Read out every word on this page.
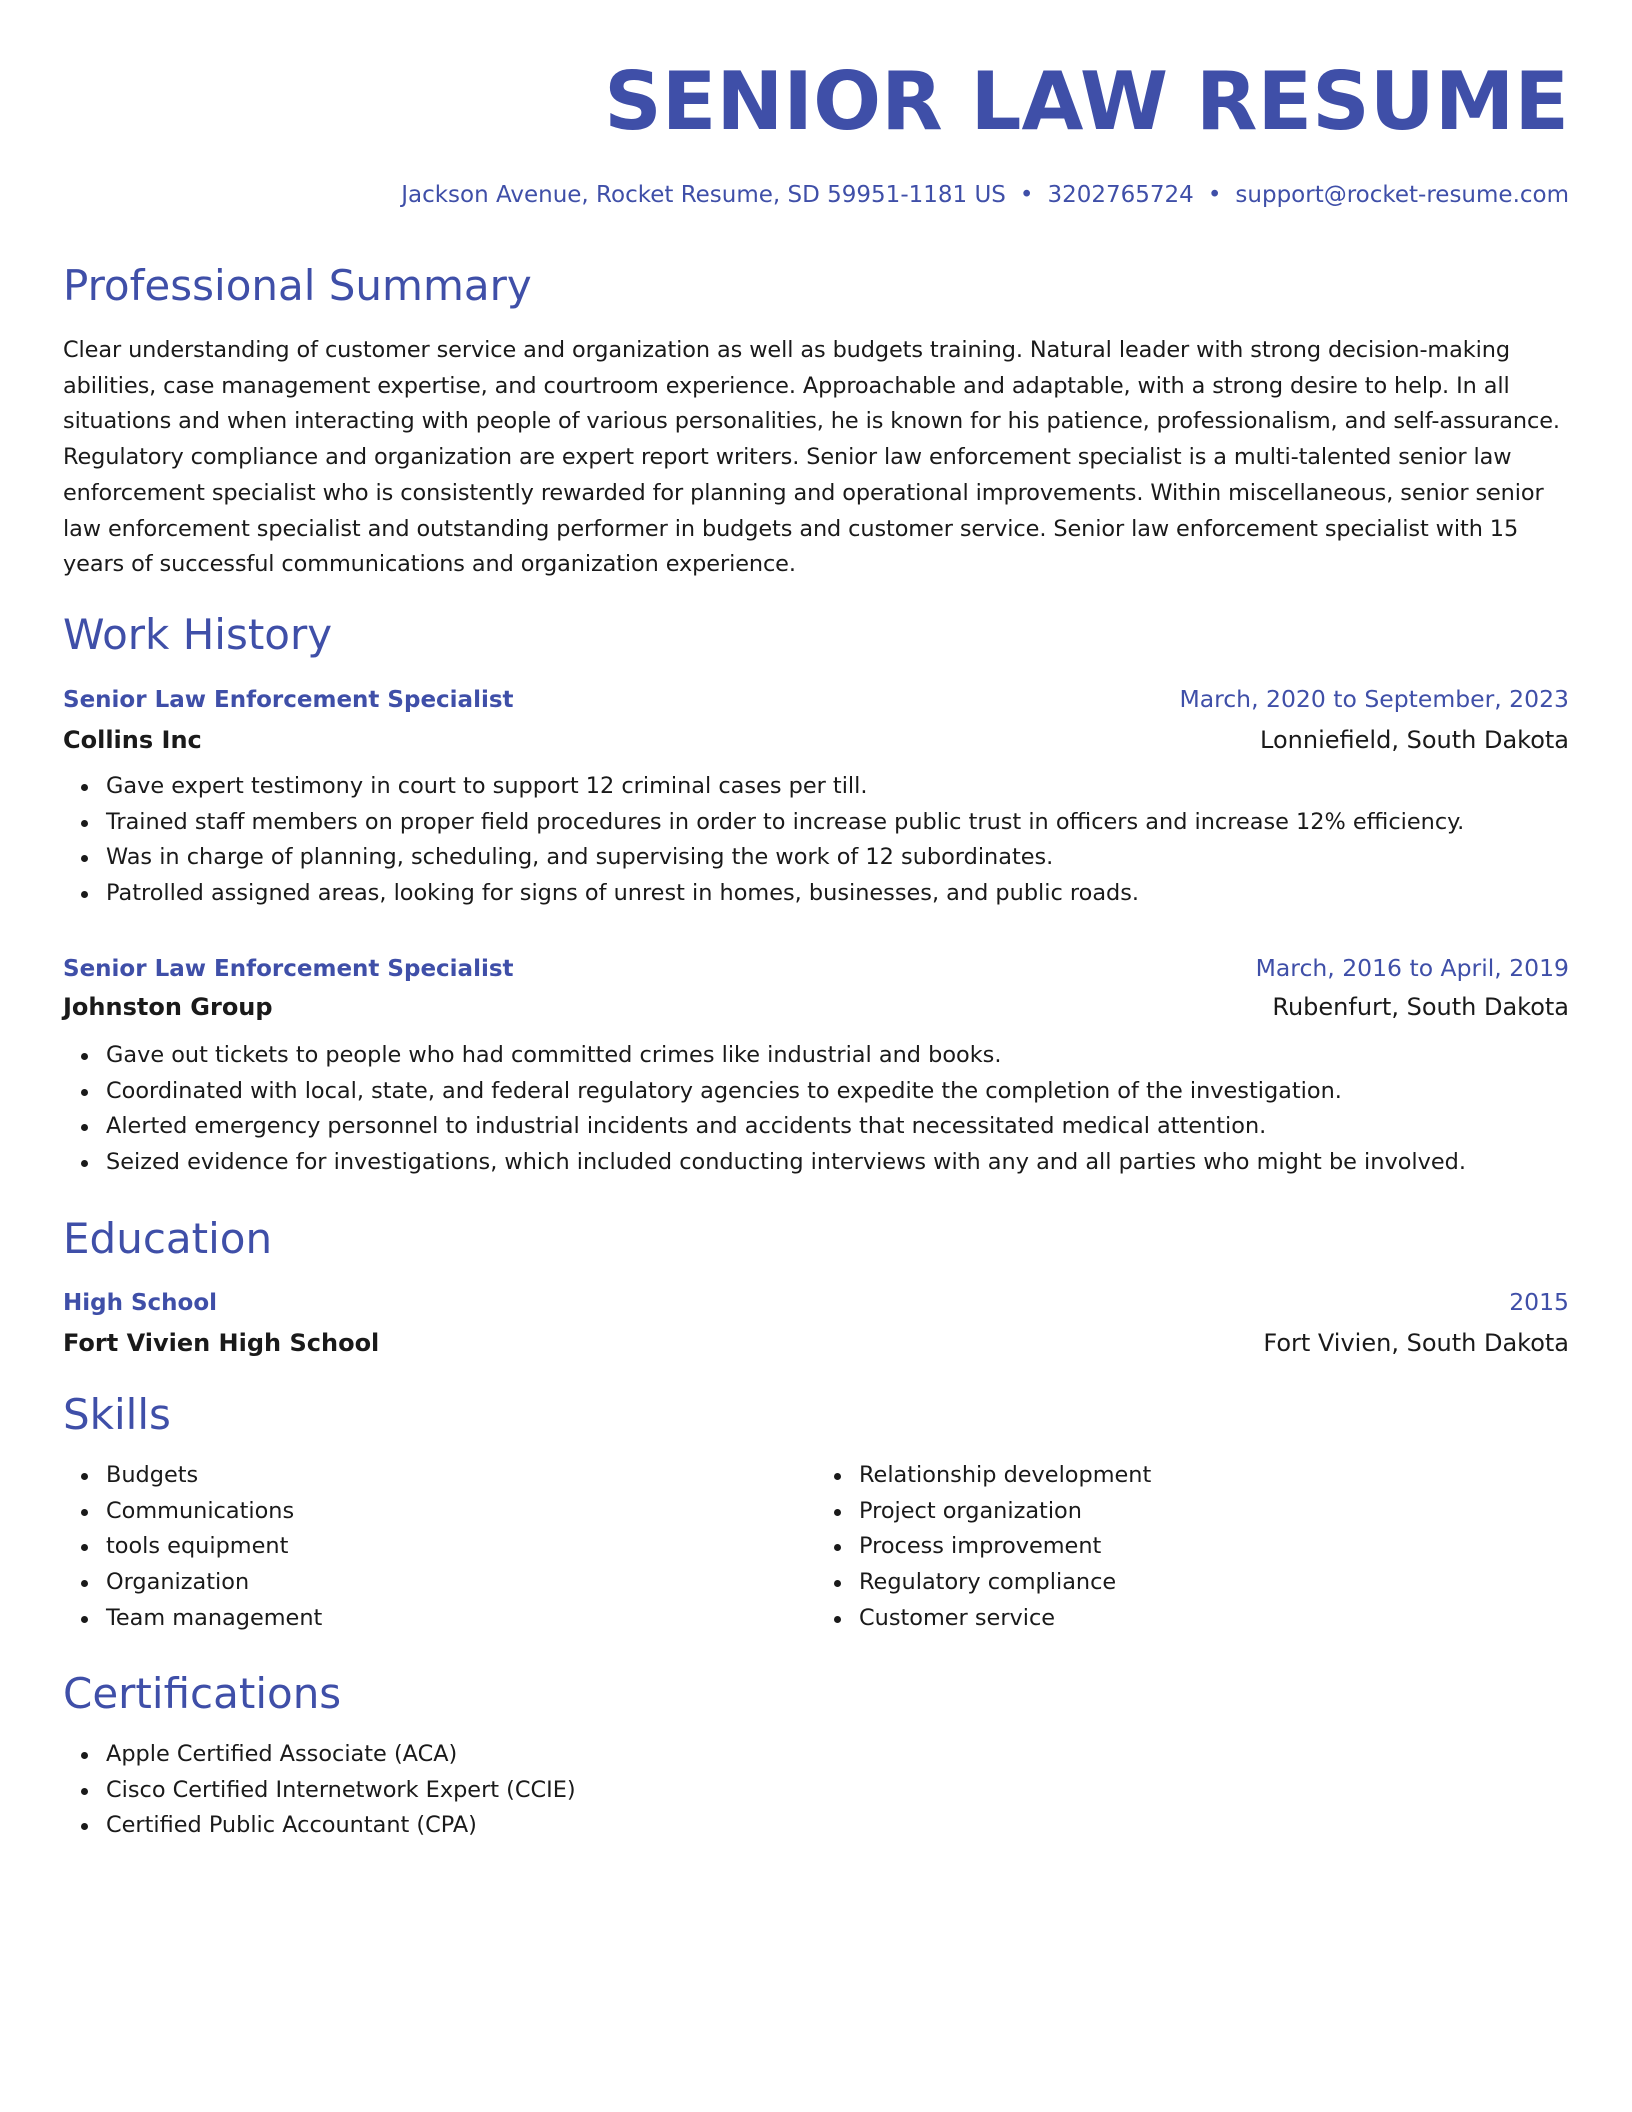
SENIOR LAW RESUME
Jackson Avenue, Rocket Resume, SD 59951-1181 US • 3202765724 • support@rocket-resume.com
Professional Summary

Clear understanding of customer service and organization as well as budgets training. Natural leader with strong decision-making abilities, case management expertise, and courtroom experience. Approachable and adaptable, with a strong desire to help. In all situations and when interacting with people of various personalities, he is known for his patience, professionalism, and self-assurance. Regulatory compliance and organization are expert report writers. Senior law enforcement specialist is a multi-talented senior law enforcement specialist who is consistently rewarded for planning and operational improvements. Within miscellaneous, senior senior law enforcement specialist and outstanding performer in budgets and customer service. Senior law enforcement specialist with 15 years of successful communications and organization experience.

Work History
Senior Law Enforcement Specialist	March, 2020 to September, 2023
Collins Inc	Lonniefield, South Dakota
Gave expert testimony in court to support 12 criminal cases per till.
Trained staff members on proper field procedures in order to increase public trust in officers and increase 12% efficiency.
Was in charge of planning, scheduling, and supervising the work of 12 subordinates.
Patrolled assigned areas, looking for signs of unrest in homes, businesses, and public roads.
Senior Law Enforcement Specialist	March, 2016 to April, 2019
Johnston Group	Rubenfurt, South Dakota
Gave out tickets to people who had committed crimes like industrial and books.
Coordinated with local, state, and federal regulatory agencies to expedite the completion of the investigation.
Alerted emergency personnel to industrial incidents and accidents that necessitated medical attention.
Seized evidence for investigations, which included conducting interviews with any and all parties who might be involved.
Education
High School	2015
Fort Vivien High School	Fort Vivien, South Dakota
Skills
Budgets
Communications
tools equipment
Organization
Team management
Relationship development
Project organization
Process improvement
Regulatory compliance
Customer service
Certifications
Apple Certified Associate (ACA)
Cisco Certified Internetwork Expert (CCIE)
Certified Public Accountant (CPA)
